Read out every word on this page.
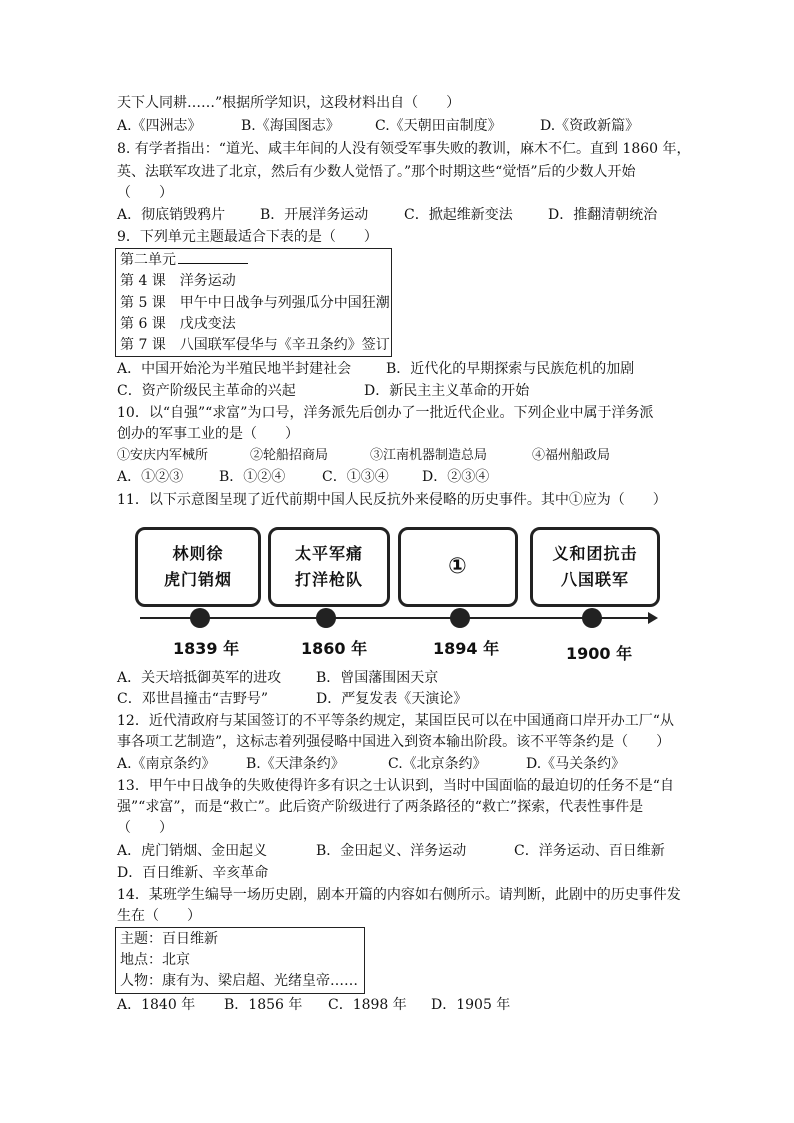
天下人同耕……”根据所学知识，这段材料出自（　　）
A.《四洲志》	B.《海国图志》	C.《天朝田亩制度》	D.《资政新篇》
8. 有学者指出：“道光、咸丰年间的人没有领受军事失败的教训，麻木不仁。直到 1860 年，
英、法联军攻进了北京，然后有少数人觉悟了。”那个时期这些“觉悟”后的少数人开始
（　　）
A．彻底销毁鸦片 B．开展洋务运动	C．掀起维新变法	D．推翻清朝统治
9．下列单元主题最适合下表的是（　　）
第二单元
第 4 课　洋务运动
第 5 课　甲午中日战争与列强瓜分中国狂潮
第 6 课　戊戌变法
第 7 课　八国联军侵华与《辛丑条约》签订
A．中国开始沦为半殖民地半封建社会 B．近代化的早期探索与民族危机的加剧
C．资产阶级民主革命的兴起	D．新民主主义革命的开始
10．以“自强”“求富”为口号，洋务派先后创办了一批近代企业。下列企业中属于洋务派
创办的军事工业的是（　　）
①安庆内军械所	②轮船招商局	③江南机器制造总局	④福州船政局
A．①②③	B．①②④	C．①③④ D．②③④
11．以下示意图呈现了近代前期中国人民反抗外来侵略的历史事件。其中①应为（　　）
林则徐
虎门销烟
太平军痛
打洋枪队
①
义和团抗击
八国联军
1839 年	1860 年	1894 年	1900 年
A．关天培抵御英军的进攻 B．曾国藩围困天京
C．邓世昌撞击“吉野号”	D．严复发表《天演论》
12．近代清政府与某国签订的不平等条约规定，某国臣民可以在中国通商口岸开办工厂“从
事各项工艺制造”，这标志着列强侵略中国进入到资本输出阶段。该不平等条约是（　　）
A.《南京条约》 B.《天津条约》	C.《北京条约》	D.《马关条约》
13．甲午中日战争的失败使得许多有识之士认识到，当时中国面临的最迫切的任务不是“自
强”“求富”，而是“救亡”。此后资产阶级进行了两条路径的“救亡”探索，代表性事件是
（　　）
A．虎门销烟、金田起义	B．金田起义、洋务运动	C．洋务运动、百日维新
D．百日维新、辛亥革命
14．某班学生编导一场历史剧，剧本开篇的内容如右侧所示。请判断，此剧中的历史事件发
生在（　　）
主题：百日维新
地点：北京
人物：康有为、梁启超、光绪皇帝……
A．1840 年 B．1856 年 C．1898 年 D．1905 年
